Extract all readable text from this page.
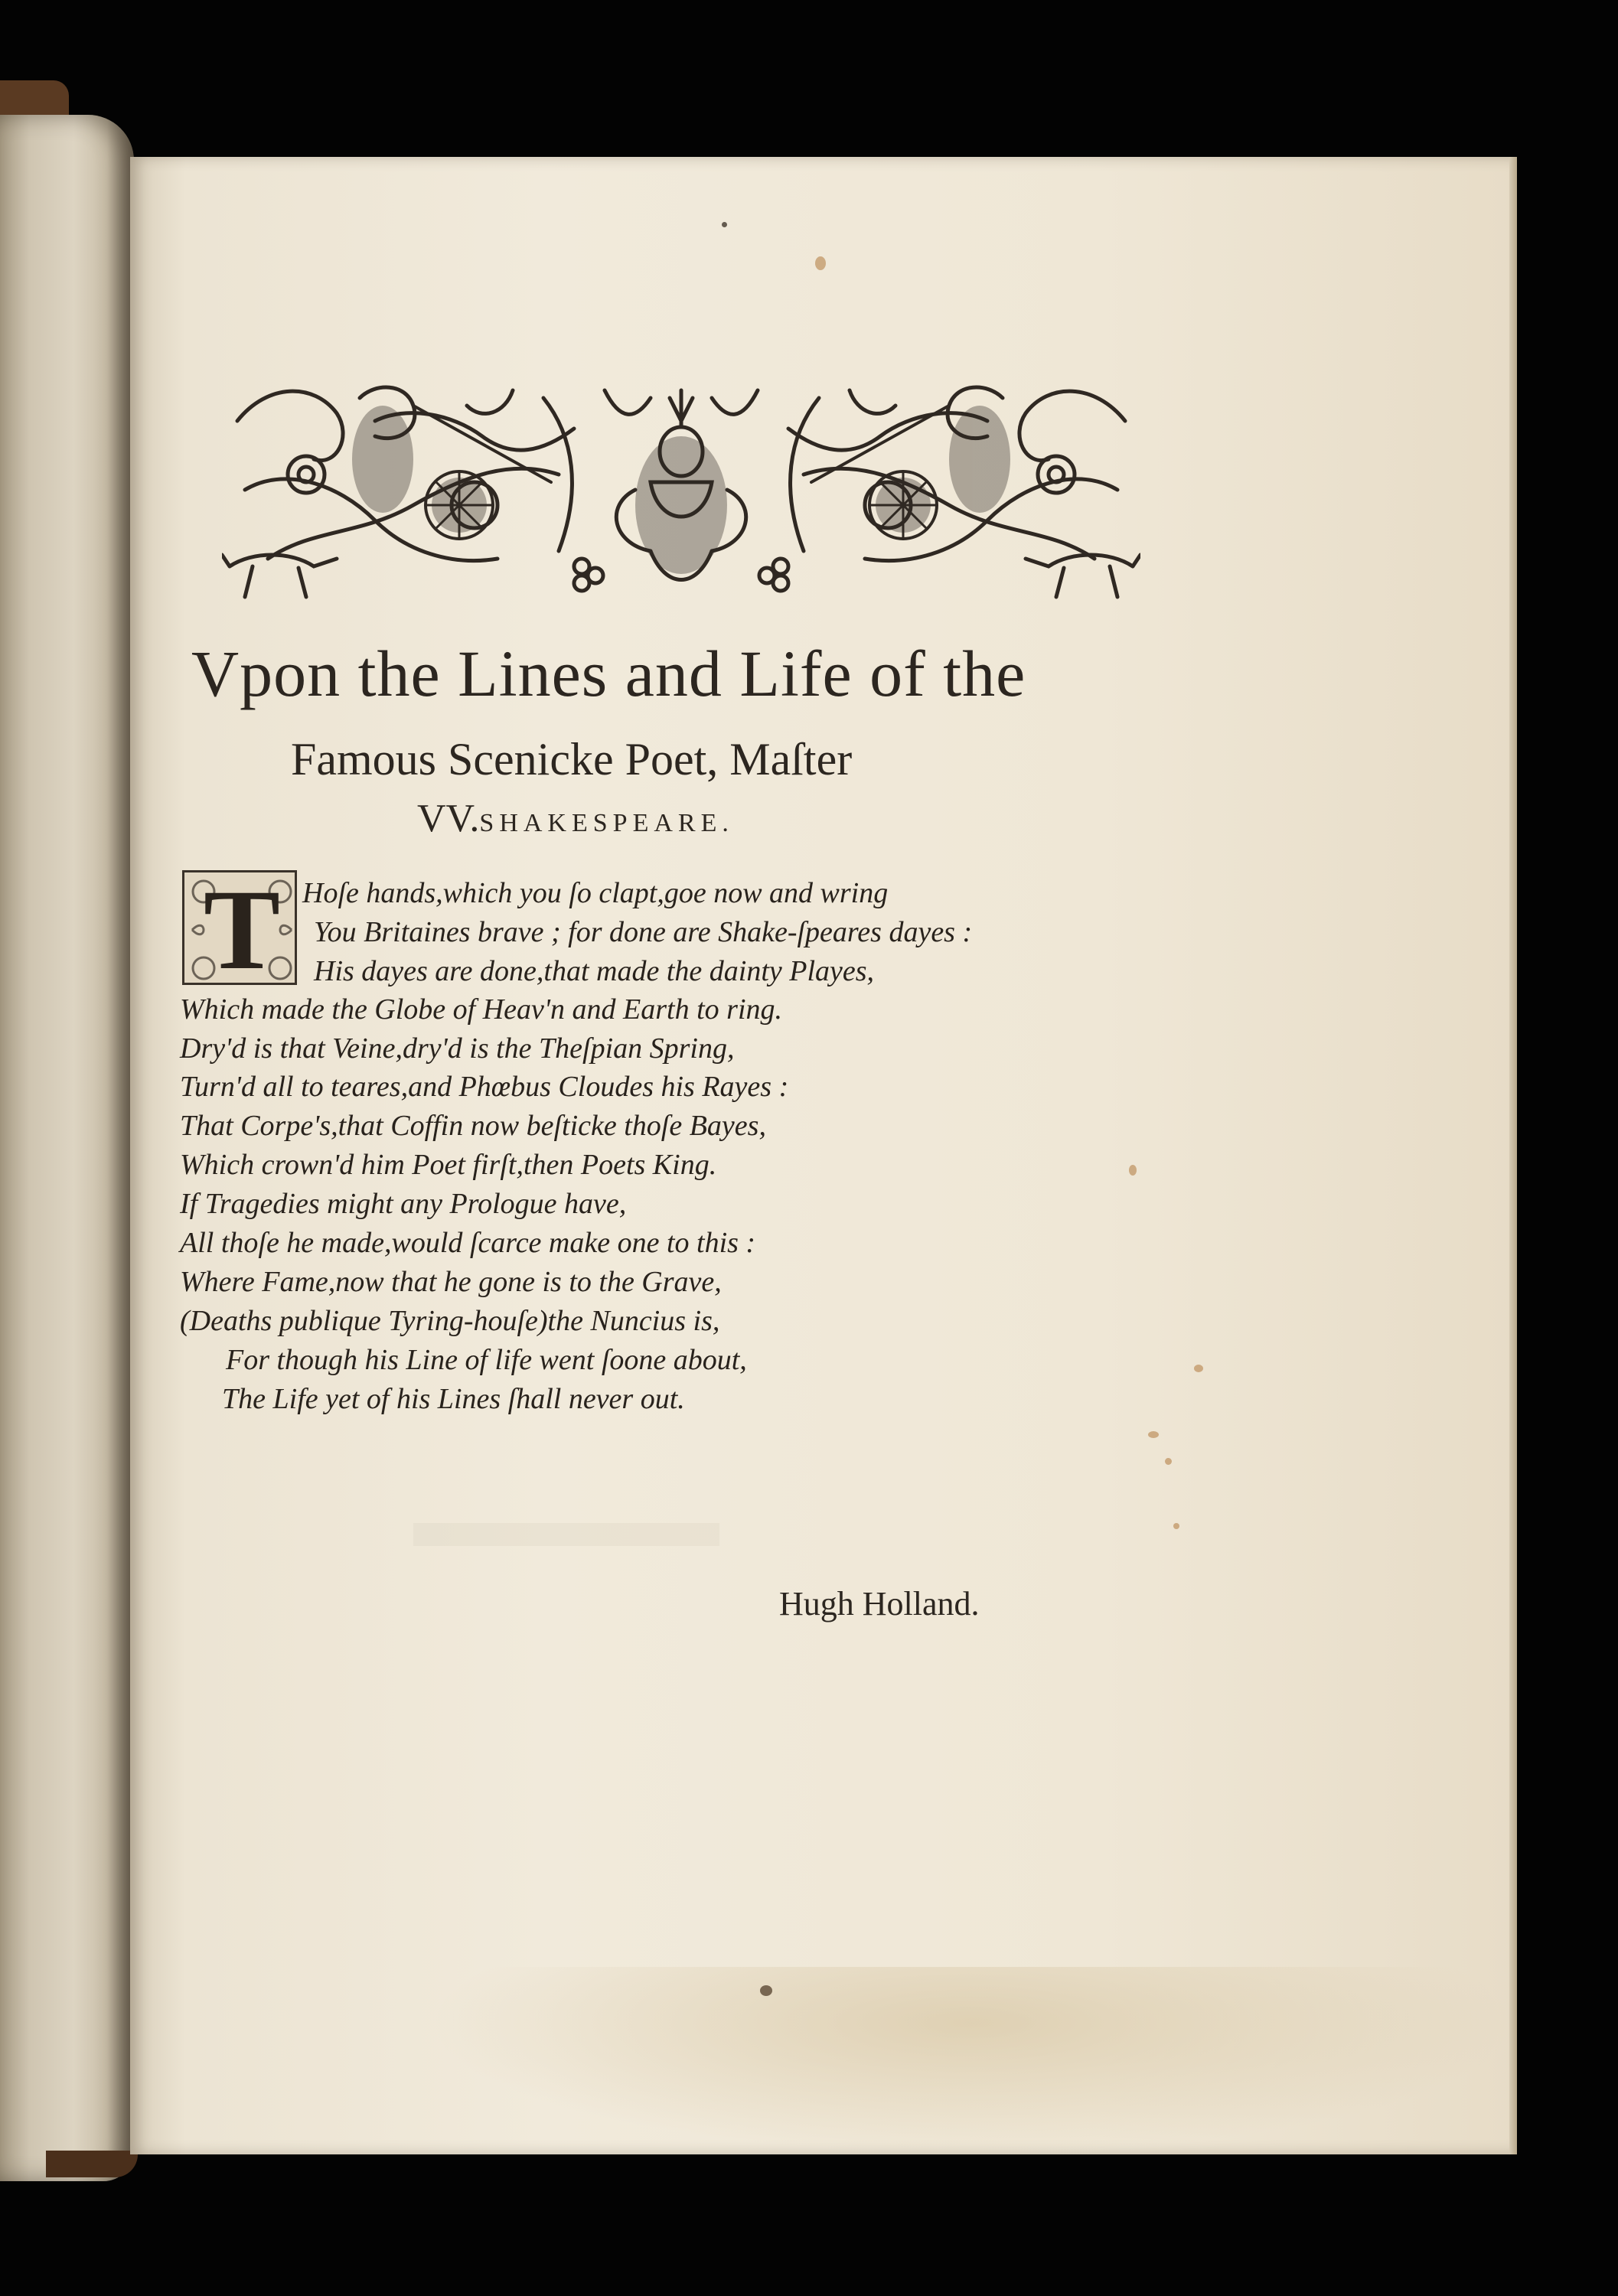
Vpon the Lines and Life of the
Famous Scenicke Poet, Maſter
VV.SHAKESPEARE.
T Hoſe hands,which you ſo clapt,goe now and wring
You Britaines brave ; for done are Shake-ſpeares dayes :
His dayes are done,that made the dainty Playes,
Which made the Globe of Heav'n and Earth to ring.
Dry'd is that Veine,dry'd is the Theſpian Spring,
Turn'd all to teares,and Phœbus Cloudes his Rayes :
That Corpe's,that Coffin now beſticke thoſe Bayes,
Which crown'd him Poet firſt,then Poets King.
If Tragedies might any Prologue have,
All thoſe he made,would ſcarce make one to this :
Where Fame,now that he gone is to the Grave,
(Deaths publique Tyring-houſe)the Nuncius is,
For though his Line of life went ſoone about,
The Life yet of his Lines ſhall never out.
Hugh Holland.
